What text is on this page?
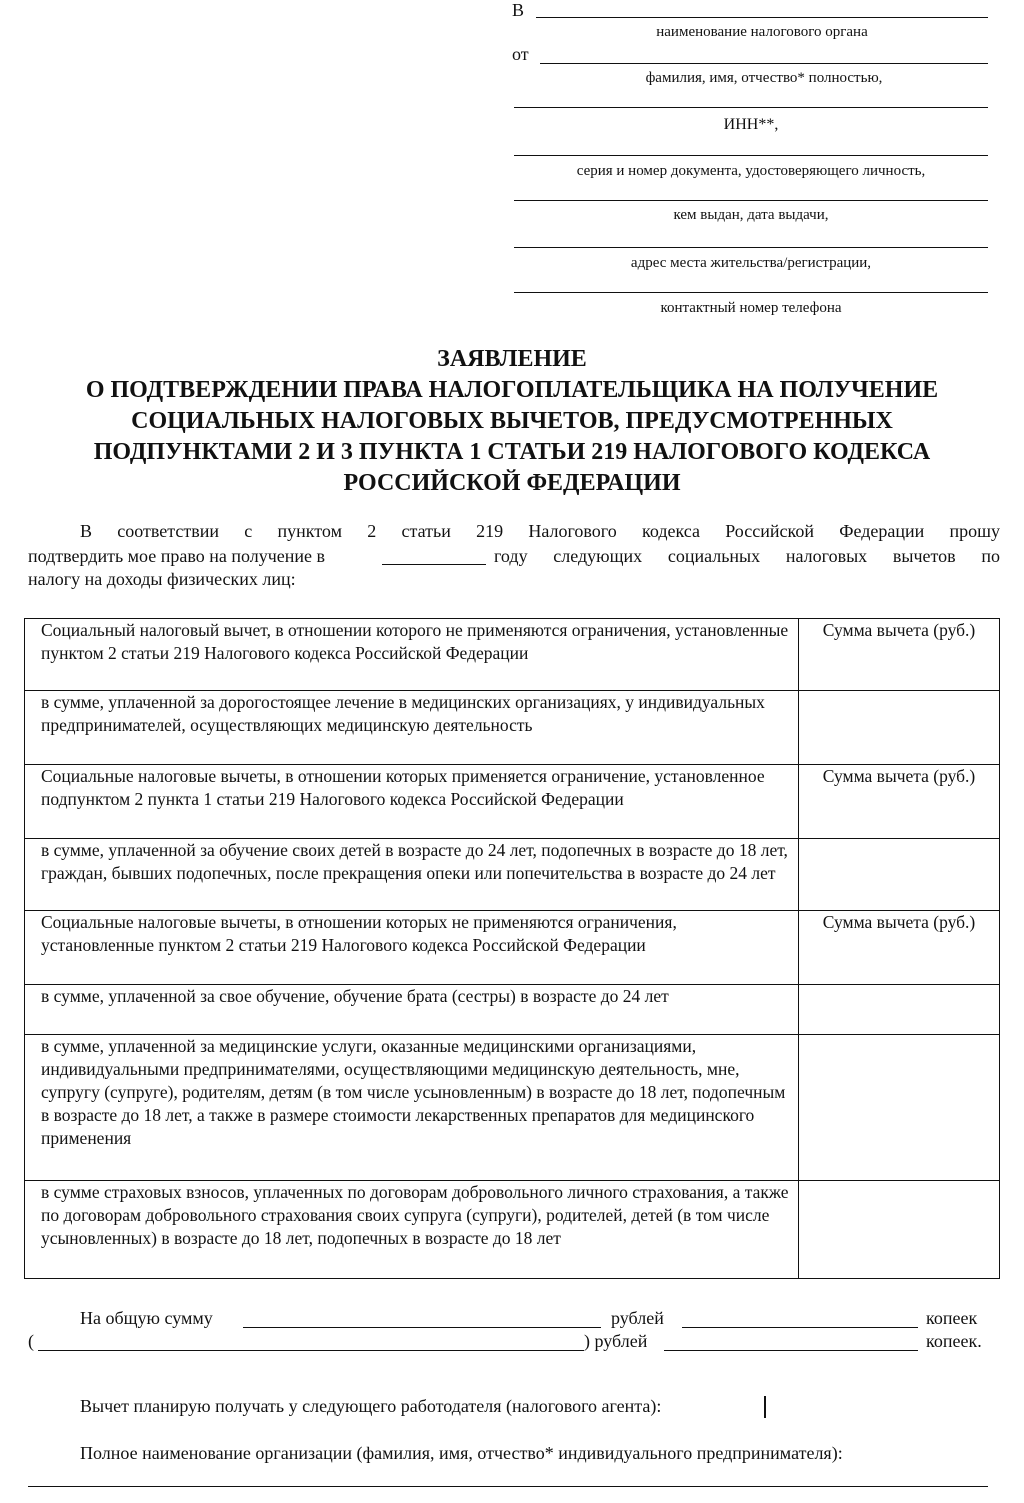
В
наименование налогового органа
от
фамилия, имя, отчество* полностью,
ИНН**,
серия и номер документа, удостоверяющего личность,
кем выдан, дата выдачи,
адрес места жительства/регистрации,
контактный номер телефона
ЗАЯВЛЕНИЕ
О ПОДТВЕРЖДЕНИИ ПРАВА НАЛОГОПЛАТЕЛЬЩИКА НА ПОЛУЧЕНИЕ
СОЦИАЛЬНЫХ НАЛОГОВЫХ ВЫЧЕТОВ, ПРЕДУСМОТРЕННЫХ
ПОДПУНКТАМИ 2 И 3 ПУНКТА 1 СТАТЬИ 219 НАЛОГОВОГО КОДЕКСА
РОССИЙСКОЙ ФЕДЕРАЦИИ
В соответствии с пунктом 2 статьи 219 Налогового кодекса Российской Федерации прошу
подтвердить мое право на получение в	году следующих социальных налоговых вычетов по
налогу на доходы физических лиц:
Социальный налоговый вычет, в отношении которого не применяются ограничения, установленные пунктом 2 статьи 219 Налогового кодекса Российской Федерации	Сумма вычета (руб.)
в сумме, уплаченной за дорогостоящее лечение в медицинских организациях, у индивидуальных предпринимателей, осуществляющих медицинскую деятельность	
Социальные налоговые вычеты, в отношении которых применяется ограничение, установленное подпунктом 2 пункта 1 статьи 219 Налогового кодекса Российской Федерации	Сумма вычета (руб.)
в сумме, уплаченной за обучение своих детей в возрасте до 24 лет, подопечных в возрасте до 18 лет, граждан, бывших подопечных, после прекращения опеки или попечительства в возрасте до 24 лет	
Социальные налоговые вычеты, в отношении которых не применяются ограничения, установленные пунктом 2 статьи 219 Налогового кодекса Российской Федерации	Сумма вычета (руб.)
в сумме, уплаченной за свое обучение, обучение брата (сестры) в возрасте до 24 лет	
в сумме, уплаченной за медицинские услуги, оказанные медицинскими организациями, индивидуальными предпринимателями, осуществляющими медицинскую деятельность, мне, супругу (супруге), родителям, детям (в том числе усыновленным) в возрасте до 18 лет, подопечным в возрасте до 18 лет, а также в размере стоимости лекарственных препаратов для медицинского применения	
в сумме страховых взносов, уплаченных по договорам добровольного личного страхования, а также по договорам добровольного страхования своих супруга (супруги), родителей, детей (в том числе усыновленных) в возрасте до 18 лет, подопечных в возрасте до 18 лет	
На общую сумму	рублей	копеек
(	) рублей	копеек.
Вычет планирую получать у следующего работодателя (налогового агента):
Полное наименование организации (фамилия, имя, отчество* индивидуального предпринимателя):
